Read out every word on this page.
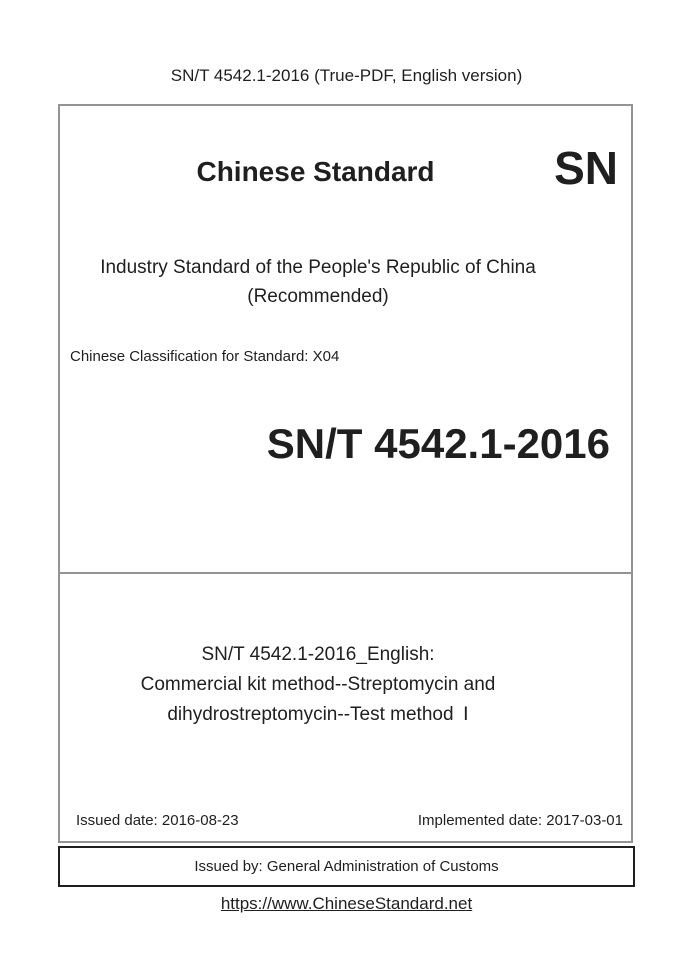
SN/T 4542.1-2016 (True-PDF, English version)
Chinese Standard	SN
Industry Standard of the People's Republic of China
(Recommended)
Chinese Classification for Standard: X04
SN/T 4542.1-2016
SN/T 4542.1-2016_English:
Commercial kit method--Streptomycin and
dihydrostreptomycin--Test method Ⅰ
Issued date: 2016-08-23	Implemented date: 2017-03-01
Issued by: General Administration of Customs
https://www.ChineseStandard.net
